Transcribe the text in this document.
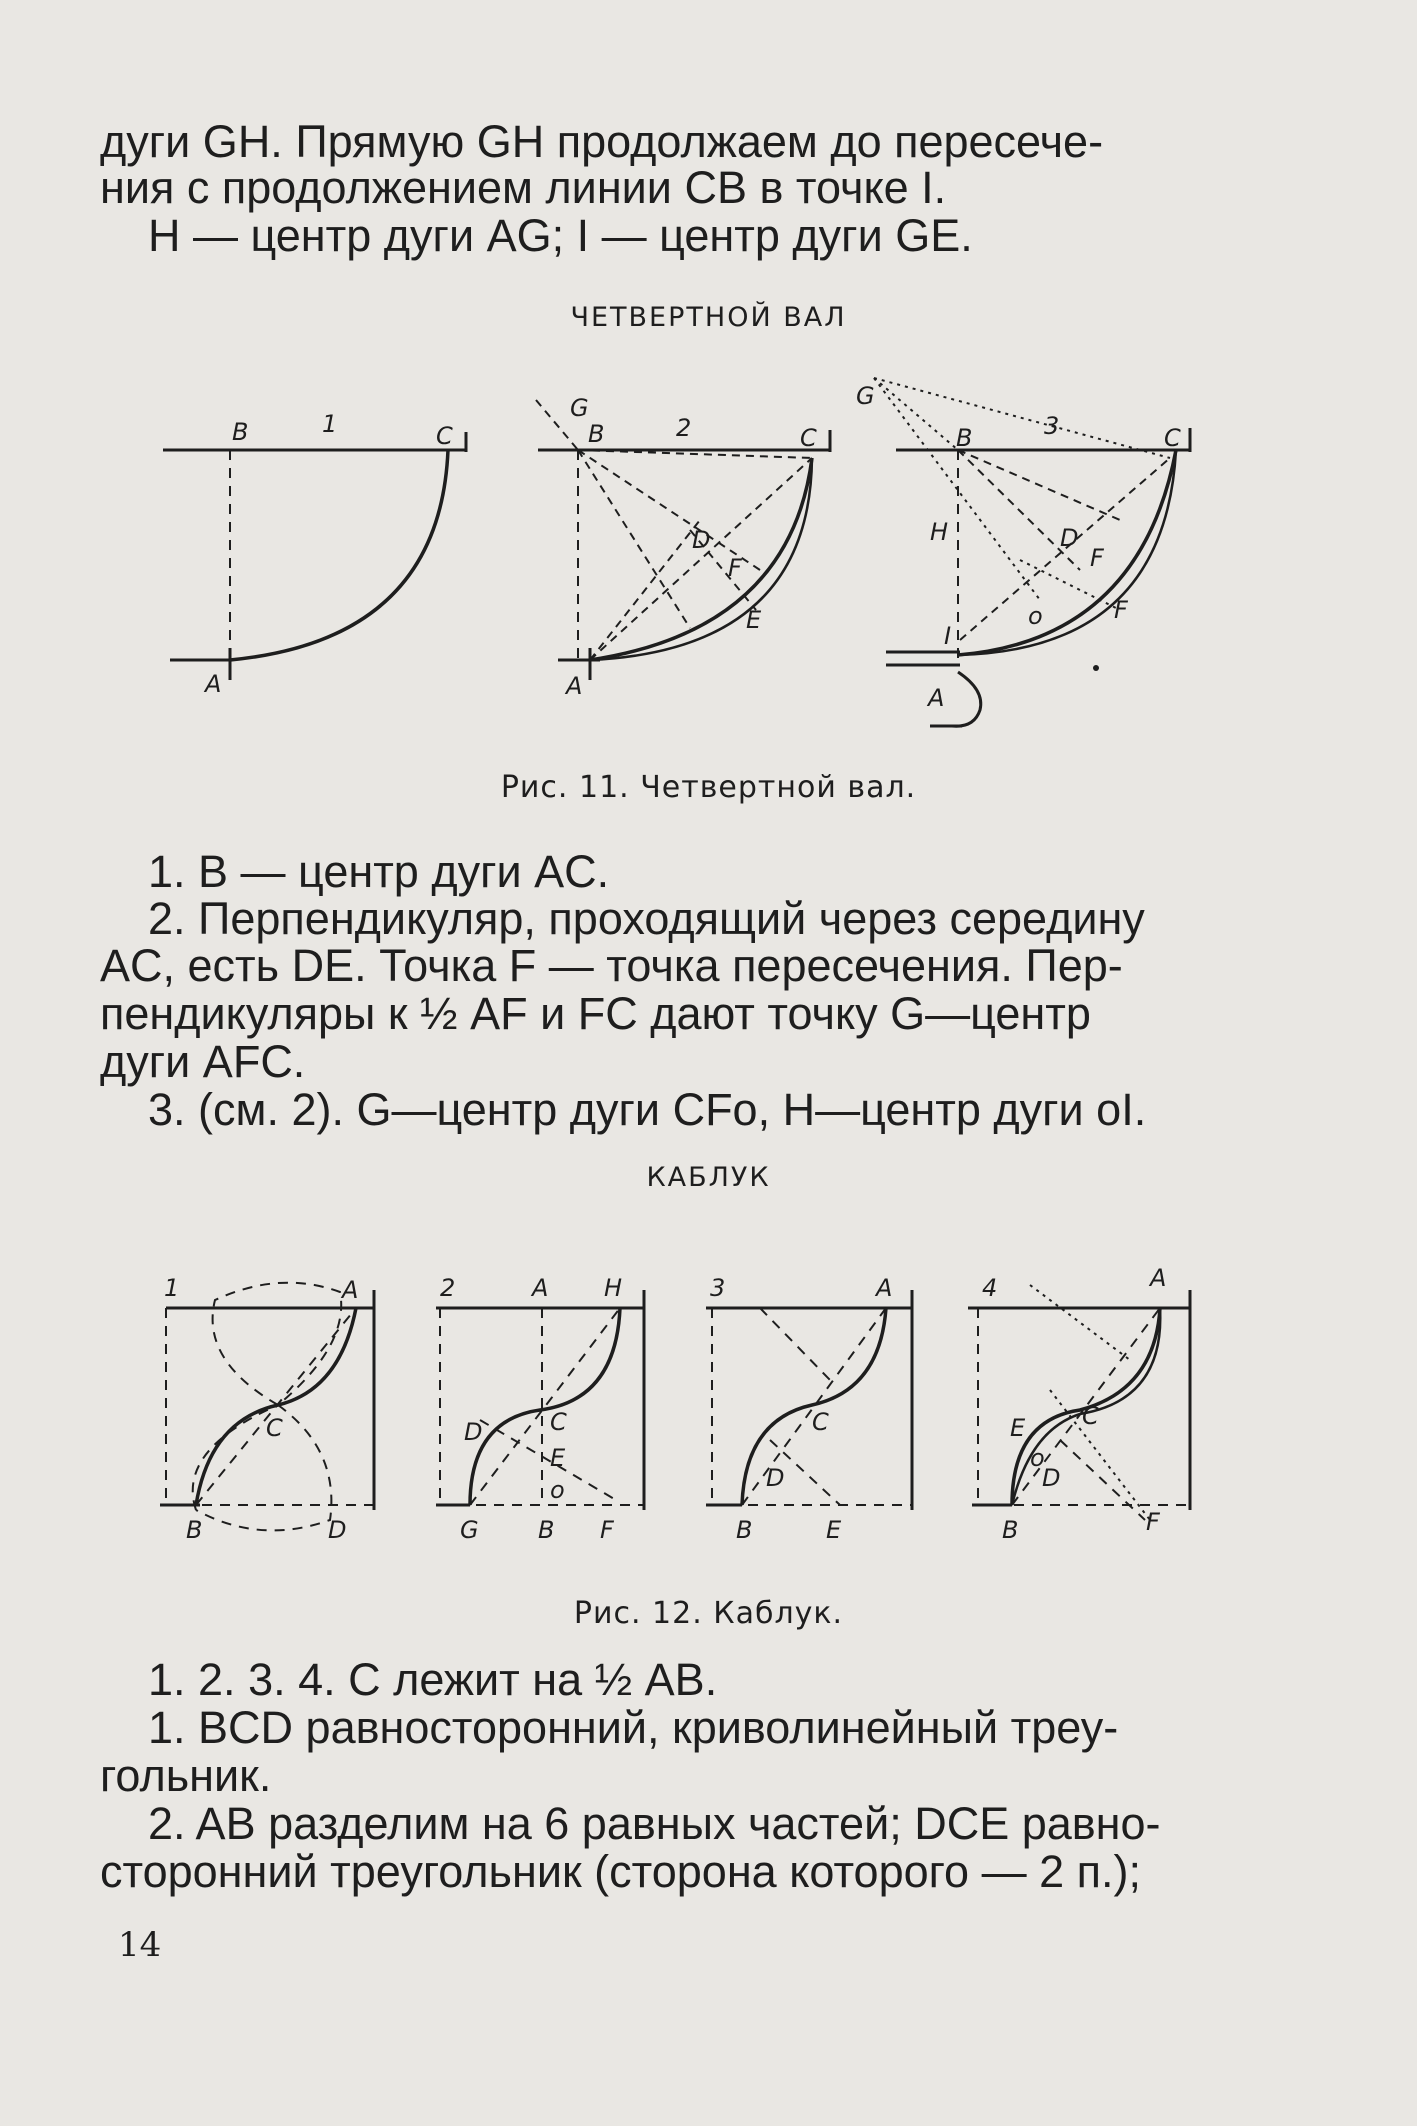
дуги GH. Прямую GH продолжаем до пересече-
ния с продолжением линии CB в точке I.
H — центр дуги AG; I — центр дуги GE.
ЧЕТВЕРТНОЙ ВАЛ
B	1	C
A
G
B	2	C
D
F
E
A
G
B	3	C
H	D
F
o	F
I
A
Рис. 11. Четвертной вал.
1. B — центр дуги AC.
2. Перпендикуляр, проходящий через середину
AC, есть DE. Точка F — точка пересечения. Пер-
пендикуляры к ½ AF и FC дают точку G—центр
дуги AFC.
3. (см. 2). G—центр дуги CFo, H—центр дуги oI.
КАБЛУК
1	A
C
B	D
2	A H
D	C
E
o
G B F
3	A
C
D
B	E
4	A
E C
D
o
B	F
Рис. 12. Каблук.
1. 2. 3. 4. C лежит на ½ AB.
1. BCD равносторонний, криволинейный треу-
гольник.
2. AB разделим на 6 равных частей; DCE равно-
сторонний треугольник (сторона которого — 2 п.);
14
